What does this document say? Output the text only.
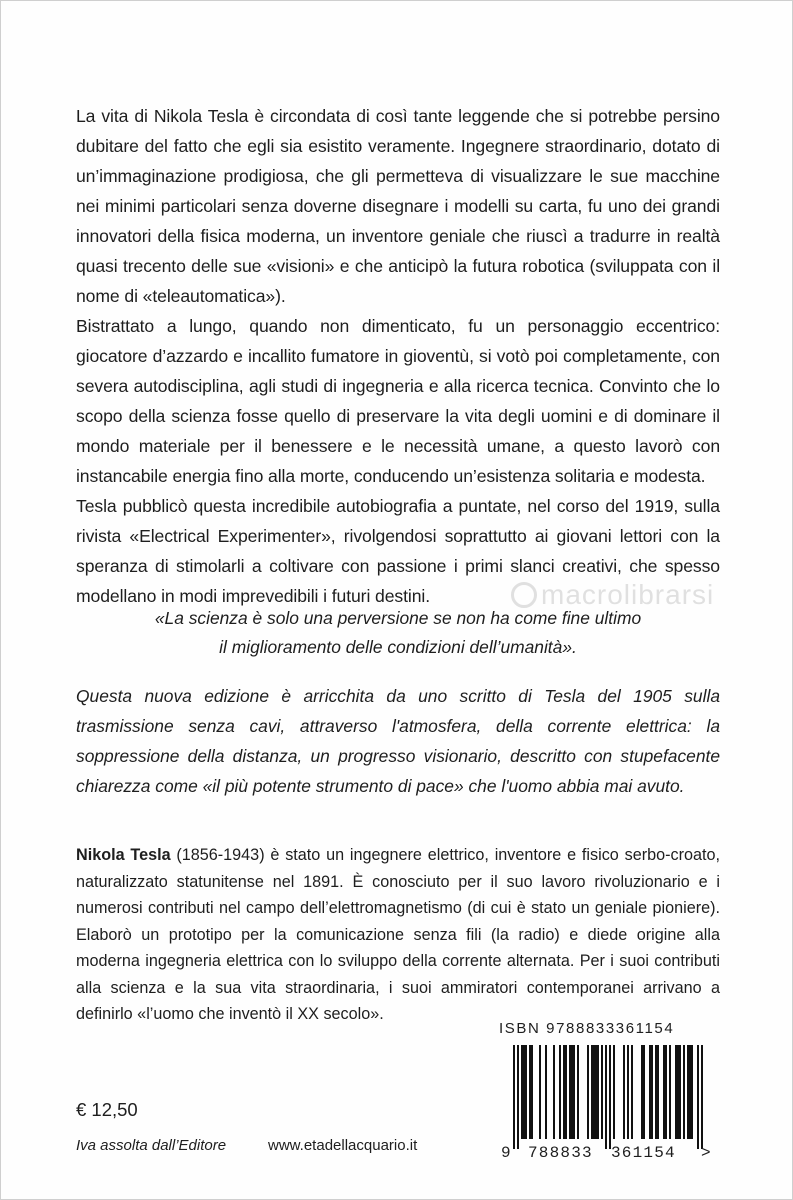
La vita di Nikola Tesla è circondata di così tante leggende che si potrebbe persino dubitare del fatto che egli sia esistito veramente. Ingegnere straordinario, dotato di un’immaginazione prodigiosa, che gli permetteva di visualizzare le sue macchine nei minimi particolari senza doverne disegnare i modelli su carta, fu uno dei grandi innovatori della fisica moderna, un inventore geniale che riuscì a tradurre in realtà quasi trecento delle sue «visioni» e che anticipò la futura robotica (sviluppata con il nome di «teleautomatica»).

Bistrattato a lungo, quando non dimenticato, fu un personaggio eccentrico: giocatore d’azzardo e incallito fumatore in gioventù, si votò poi completamente, con severa autodisciplina, agli studi di ingegneria e alla ricerca tecnica. Convinto che lo scopo della scienza fosse quello di preservare la vita degli uomini e di dominare il mondo materiale per il benessere e le necessità umane, a questo lavorò con instancabile energia fino alla morte, conducendo un’esistenza solitaria e modesta.

Tesla pubblicò questa incredibile autobiografia a puntate, nel corso del 1919, sulla rivista «Electrical Experimenter», rivolgendosi soprattutto ai giovani lettori con la speranza di stimolarli a coltivare con passione i primi slanci creativi, che spesso modellano in modi imprevedibili i futuri destini.	macrolibrarsi
«La scienza è solo una perversione se non ha come fine ultimo
il miglioramento delle condizioni dell’umanità».

Questa nuova edizione è arricchita da uno scritto di Tesla del 1905 sulla trasmissione senza cavi, attraverso l'atmosfera, della corrente elettrica: la soppressione della distanza, un progresso visionario, descritto con stupefacente chiarezza come «il più potente strumento di pace» che l'uomo abbia mai avuto.

Nikola Tesla (1856-1943) è stato un ingegnere elettrico, inventore e fisico serbo-croato, naturalizzato statunitense nel 1891. È conosciuto per il suo lavoro rivoluzionario e i numerosi contributi nel campo dell’elettromagnetismo (di cui è stato un geniale pioniere). Elaborò un prototipo per la comunicazione senza fili (la radio) e diede origine alla moderna ingegneria elettrica con lo sviluppo della corrente alternata. Per i suoi contributi alla scienza e la sua vita straordinaria, i suoi ammiratori contemporanei arrivano a definirlo «l’uomo che inventò il XX secolo».

€ 12,50
Iva assolta dall’Editore	www.etadellacquario.it
ISBN 9788833361154
9 788833 361154 >
